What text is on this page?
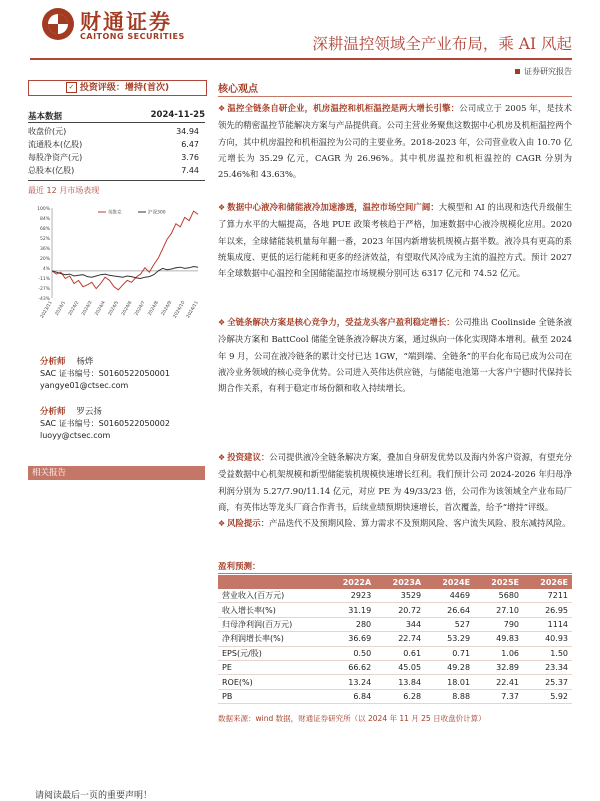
财通证券
CAITONG SECURITIES	深耕温控领域全产业布局，乘 AI 风起
证券研究报告
✓ 投资评级：增持(首次)
基本数据	2024-11-25
收盘价(元)	34.94
流通股本(亿股)	6.47
每股净资产(元)	3.76
总股本(亿股)	7.44
最近 12 月市场表现
-43%
-27%
-11%
4%
20%
36%
52%
68%
84%
100%
2023/11 2024/1 2024/2 2024/3 2024/4 2024/5 2024/6 2024/7 2024/8 2024/9 2024/10 2024/11
英维克	沪深300
分析师 杨烨
SAC 证书编号：S0160522050001
yangye01@ctsec.com
分析师 罗云扬
SAC 证书编号：S0160522050002
luoyy@ctsec.com
相关报告
核心观点
❖ 温控全链条自研企业，机房温控和机柜温控是两大增长引擎：公司成立于 2005 年，是技术领先的精密温控节能解决方案与产品提供商。公司主营业务聚焦这数据中心机房及机柜温控两个方向，其中机房温控和机柜温控为公司的主要业务。2018-2023 年，公司营业收入由 10.70 亿元增长为 35.29 亿元，CAGR 为 26.96%。其中机房温控和机柜温控的 CAGR 分别为 25.46%和 43.63%。
❖ 数据中心液冷和储能液冷加速渗透，温控市场空间广阔：大模型和 AI 的出现和迭代升级催生了算力水平的大幅提高，各地 PUE 政策考核趋于严格，加速数据中心液冷规模化应用。2020 年以来，全球储能装机量每年翻一番，2023 年国内新增装机规模占据半数。液冷具有更高的系统集成度、更低的运行能耗和更多的经济效益，有望取代风冷成为主流的温控方式。预计 2027 年全球数据中心温控和全国储能温控市场规模分别可达 6317 亿元和 74.52 亿元。
❖ 全链条解决方案是核心竞争力，受益龙头客户盈利稳定增长：公司推出 Coolinside 全链条液冷解决方案和 BattCool 储能全链条液冷解决方案，通过纵向一体化实现降本增利。截至 2024 年 9 月，公司在液冷链条的累计交付已达 1GW，“端到端、全链条”的平台化布局已成为公司在液冷业务领域的核心竞争优势。公司进入英伟达供应链，与储能电池第一大客户宁德时代保持长期合作关系，有利于稳定市场份额和收入持续增长。
❖ 投资建议：公司提供液冷全链条解决方案，叠加自身研发优势以及海内外客户资源，有望充分受益数据中心机架规模和新型储能装机规模快速增长红利。我们预计公司 2024-2026 年归母净利润分别为 5.27/7.90/11.14 亿元，对应 PE 为 49/33/23 倍，公司作为该领域全产业布局厂商，有英伟达等龙头厂商合作背书，后续业绩预期快速增长，首次覆盖，给予“增持”评级。
❖ 风险提示：产品迭代不及预期风险、算力需求不及预期风险、客户流失风险、股东减持风险。
盈利预测：
	2022A	2023A	2024E	2025E	2026E
营业收入(百万元)	2923	3529	4469	5680	7211
收入增长率(%)	31.19	20.72	26.64	27.10	26.95
归母净利润(百万元)	280	344	527	790	1114
净利润增长率(%)	36.69	22.74	53.29	49.83	40.93
EPS(元/股)	0.50	0.61	0.71	1.06	1.50
PE	66.62	45.05	49.28	32.89	23.34
ROE(%)	13.24	13.84	18.01	22.41	25.37
PB	6.84	6.28	8.88	7.37	5.92
数据来源：wind 数据，财通证券研究所（以 2024 年 11 月 25 日收盘价计算）
请阅读最后一页的重要声明！
